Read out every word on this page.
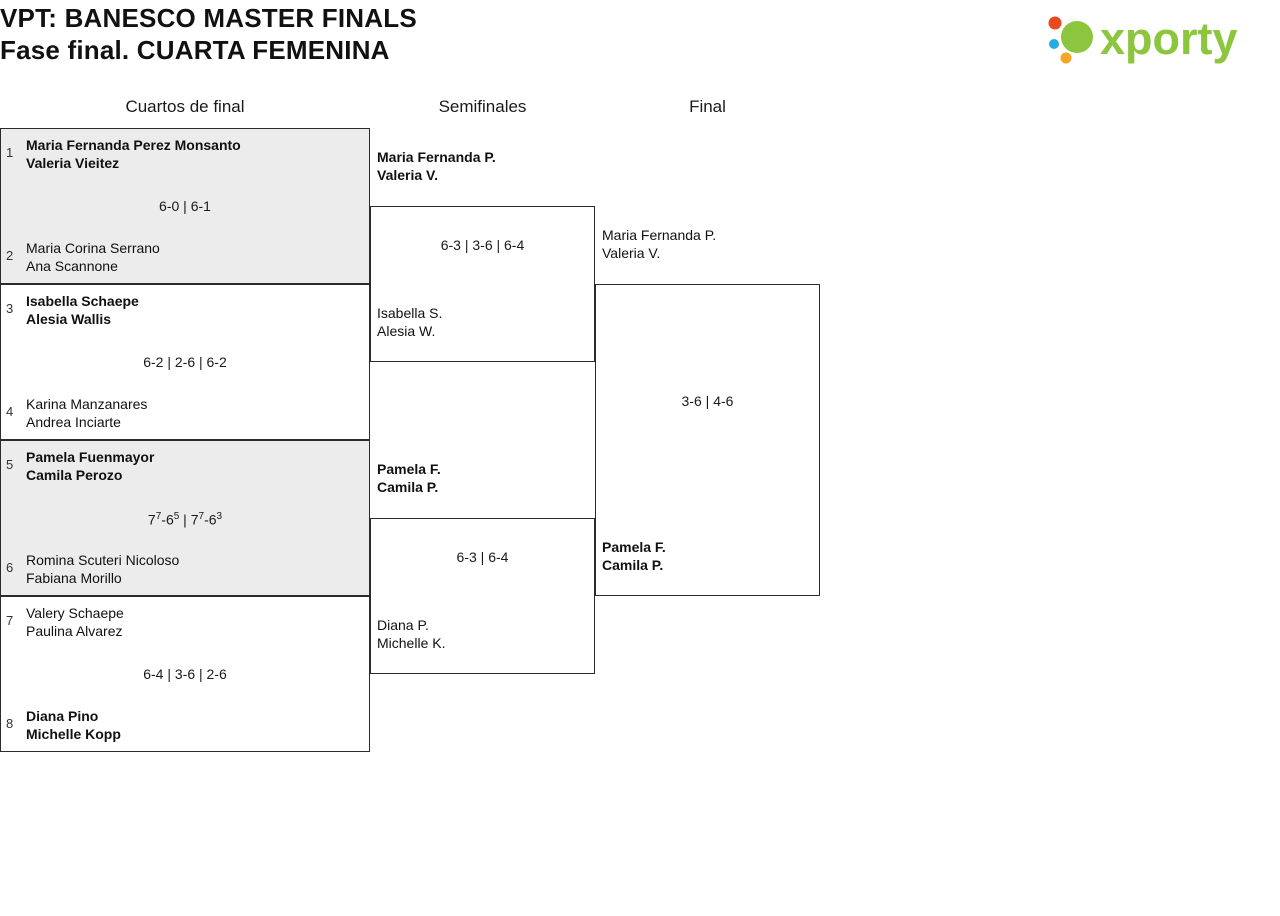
VPT: BANESCO MASTER FINALS
Fase final. CUARTA FEMENINA	xporty
Cuartos de final	Semifinales	Final
1 Maria Fernanda Perez Monsanto
Valeria Vieitez
6-0 | 6-1
2 Maria Corina Serrano
Ana Scannone
3 Isabella Schaepe
Alesia Wallis
6-2 | 2-6 | 6-2
4 Karina Manzanares
Andrea Inciarte
5 Pamela Fuenmayor
Camila Perozo
$7^7-6^5$ | $7^7-6^3$
6 Romina Scuteri Nicoloso
Fabiana Morillo
7 Valery Schaepe
Paulina Alvarez
6-4 | 3-6 | 2-6
8 Diana Pino
Michelle Kopp
Maria Fernanda P.
Valeria V.
6-3 | 3-6 | 6-4
Isabella S.
Alesia W.
Pamela F.
Camila P.
6-3 | 6-4
Diana P.
Michelle K.
Maria Fernanda P.
Valeria V.
3-6 | 4-6
Pamela F.
Camila P.
